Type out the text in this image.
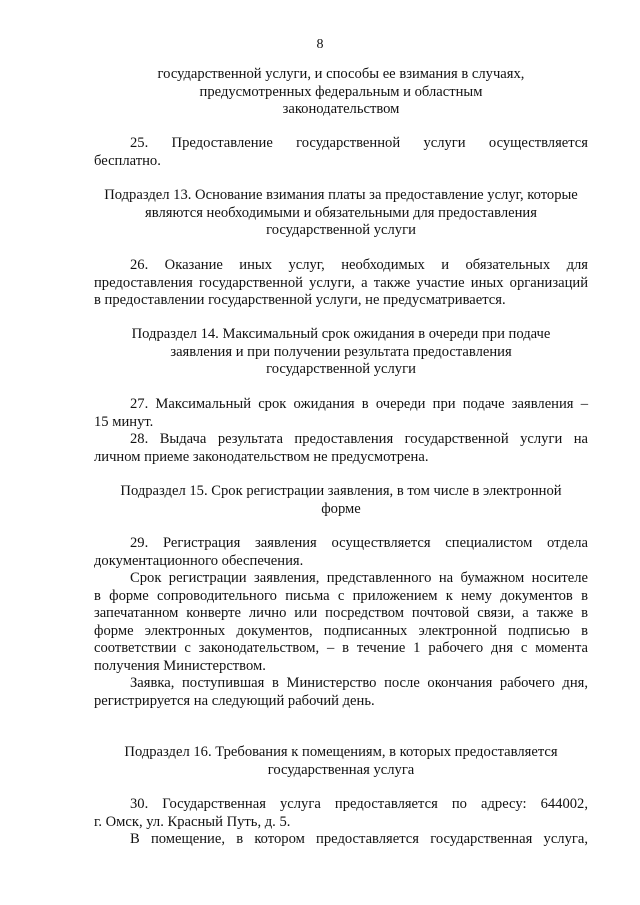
8
государственной услуги, и способы ее взимания в случаях,
предусмотренных федеральным и областным
законодательством
25. Предоставление государственной услуги осуществляется
бесплатно.
Подраздел 13. Основание взимания платы за предоставление услуг, которые
являются необходимыми и обязательными для предоставления
государственной услуги
26. Оказание иных услуг, необходимых и обязательных для
предоставления государственной услуги, а также участие иных организаций
в предоставлении государственной услуги, не предусматривается.
Подраздел 14. Максимальный срок ожидания в очереди при подаче
заявления и при получении результата предоставления
государственной услуги
27. Максимальный срок ожидания в очереди при подаче заявления –
15 минут.
28. Выдача результата предоставления государственной услуги на
личном приеме законодательством не предусмотрена.
Подраздел 15. Срок регистрации заявления, в том числе в электронной
форме
29. Регистрация заявления осуществляется специалистом отдела
документационного обеспечения.
Срок регистрации заявления, представленного на бумажном носителе
в форме сопроводительного письма с приложением к нему документов в
запечатанном конверте лично или посредством почтовой связи, а также в
форме электронных документов, подписанных электронной подписью в
соответствии с законодательством, – в течение 1 рабочего дня с момента
получения Министерством.
Заявка, поступившая в Министерство после окончания рабочего дня,
регистрируется на следующий рабочий день.
Подраздел 16. Требования к помещениям, в которых предоставляется
государственная услуга
30. Государственная услуга предоставляется по адресу: 644002,
г. Омск, ул. Красный Путь, д. 5.
В помещение, в котором предоставляется государственная услуга,
